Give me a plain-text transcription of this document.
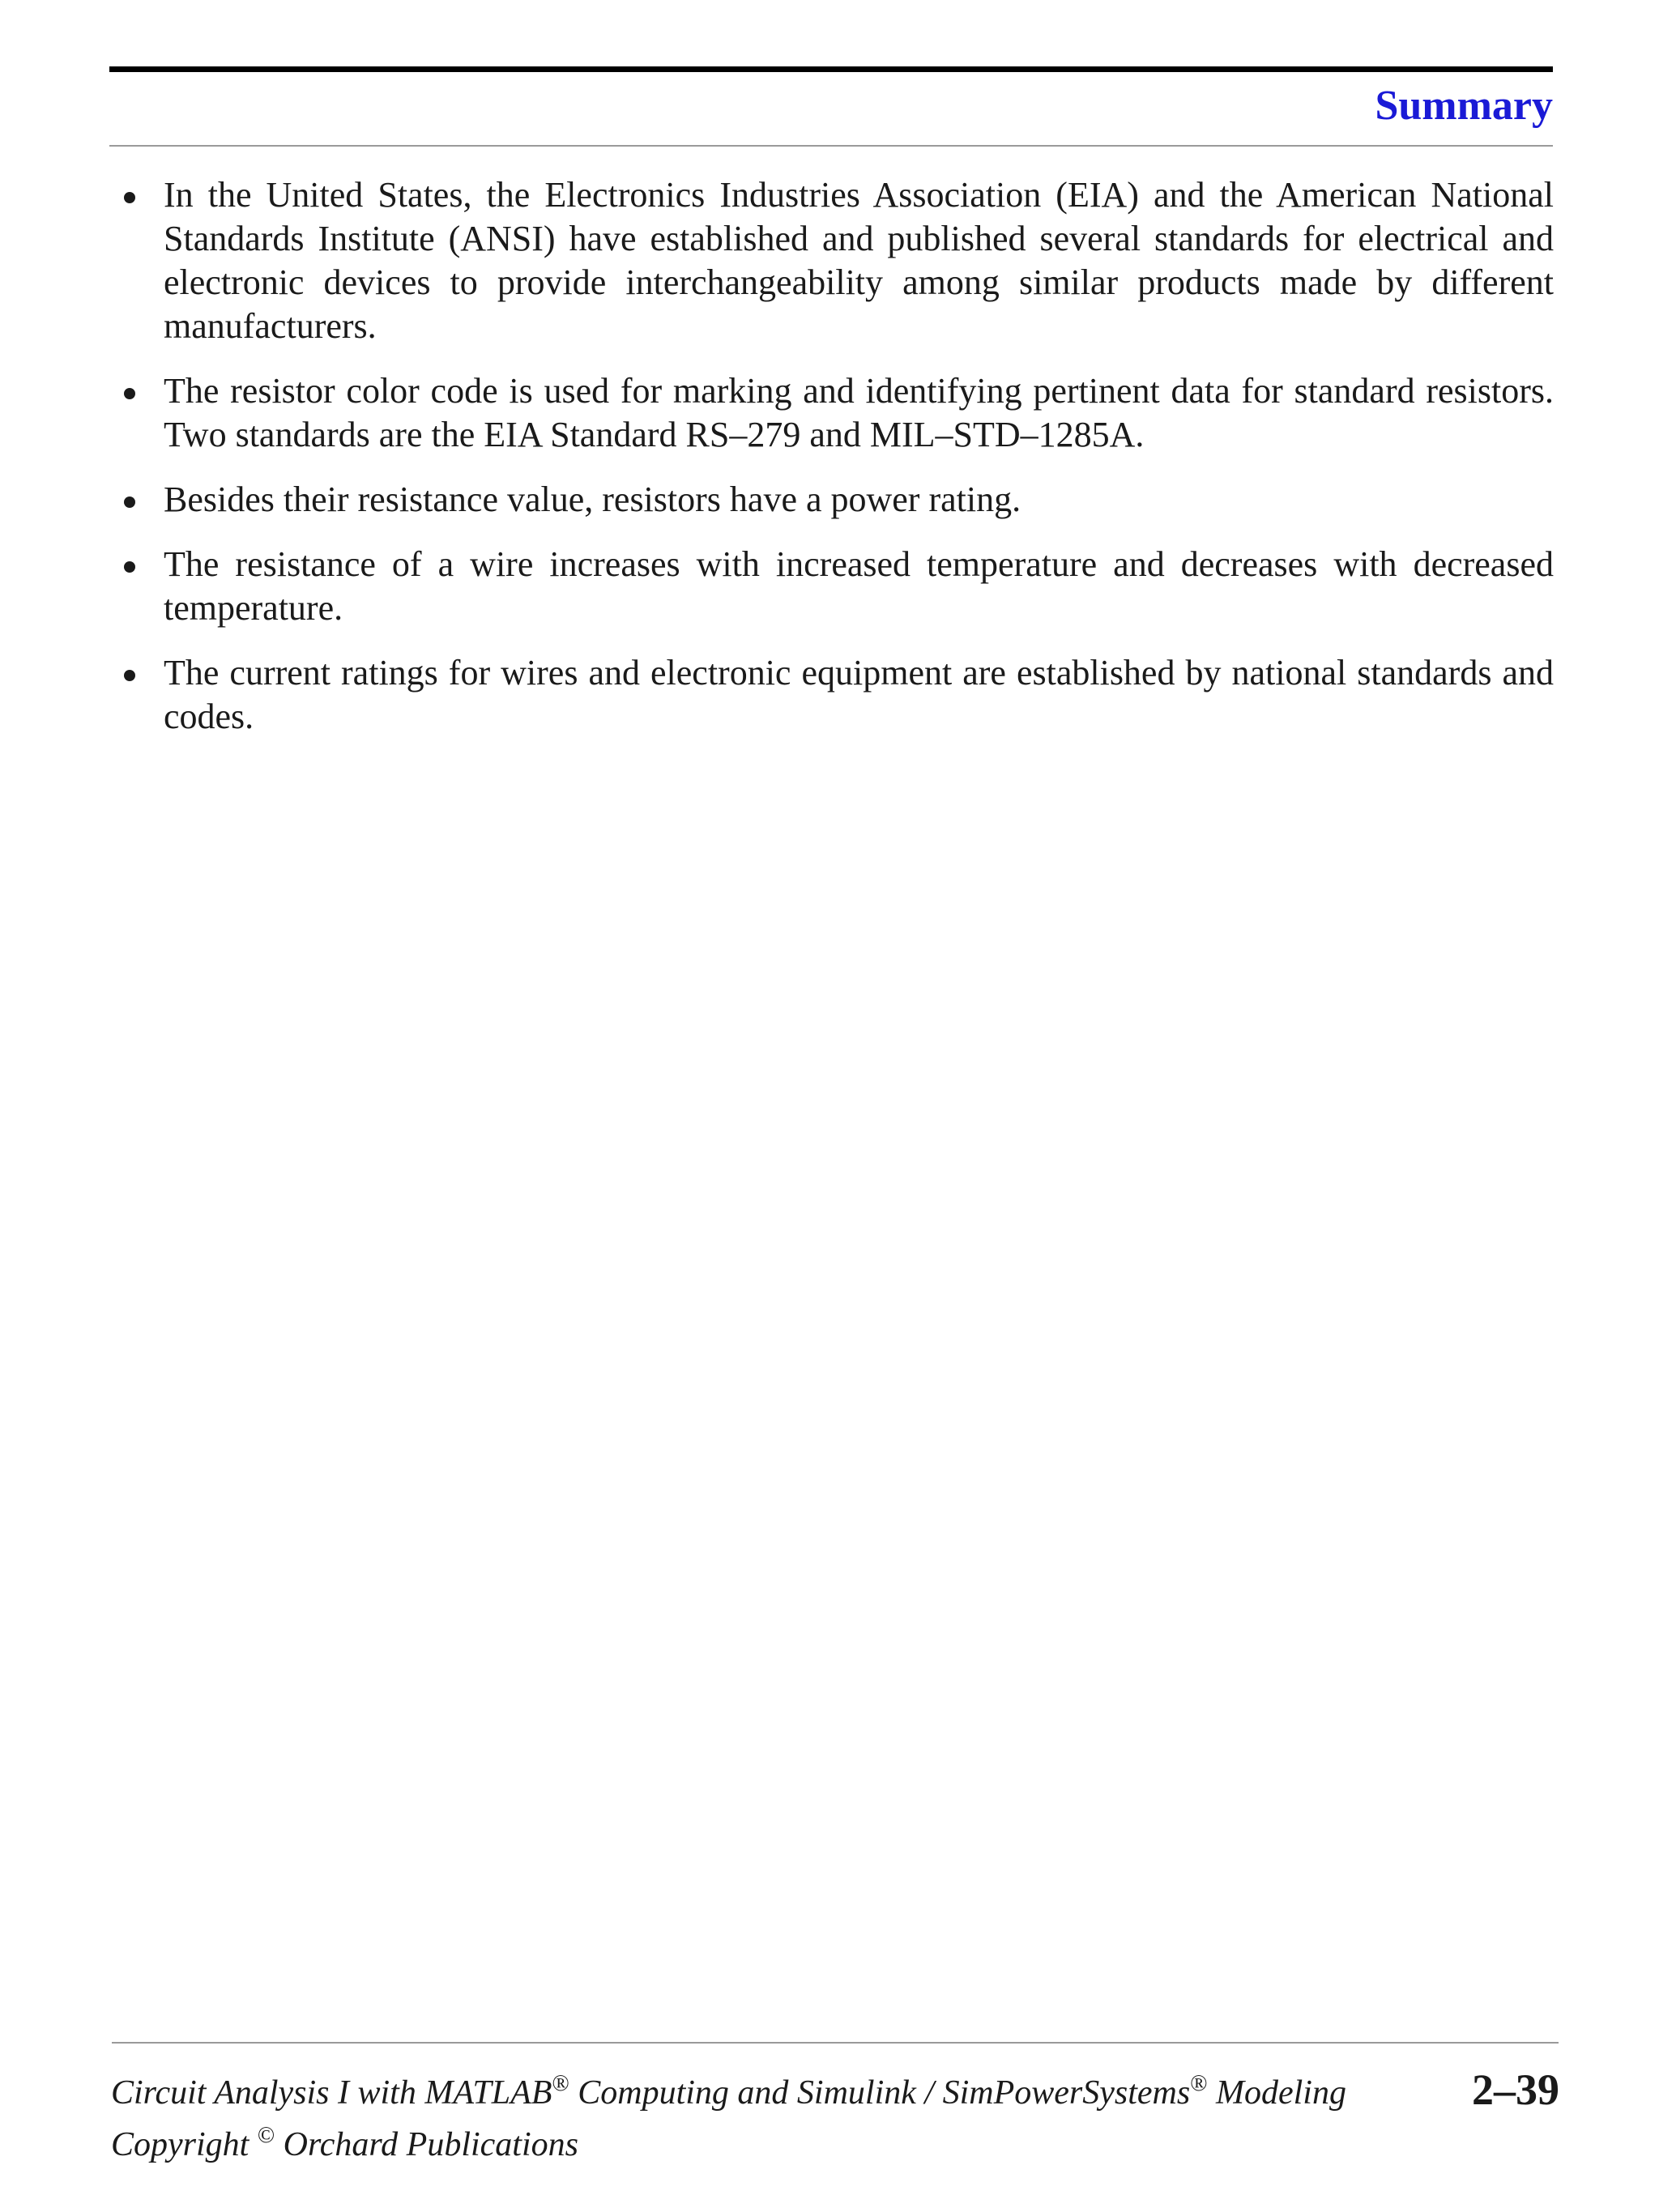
Summary
In the United States, the Electronics Industries Association (EIA) and the American National Standards Institute (ANSI) have established and published several standards for electrical and electronic devices to provide interchangeability among similar products made by different manufacturers.
The resistor color code is used for marking and identifying pertinent data for standard resistors. Two standards are the EIA Standard RS–279 and MIL–STD–1285A.
Besides their resistance value, resistors have a power rating.
The resistance of a wire increases with increased temperature and decreases with decreased temperature.
The current ratings for wires and electronic equipment are established by national standards and codes.
Circuit Analysis I with MATLAB® Computing and Simulink / SimPowerSystems® Modeling
Copyright © Orchard Publications
2–39
